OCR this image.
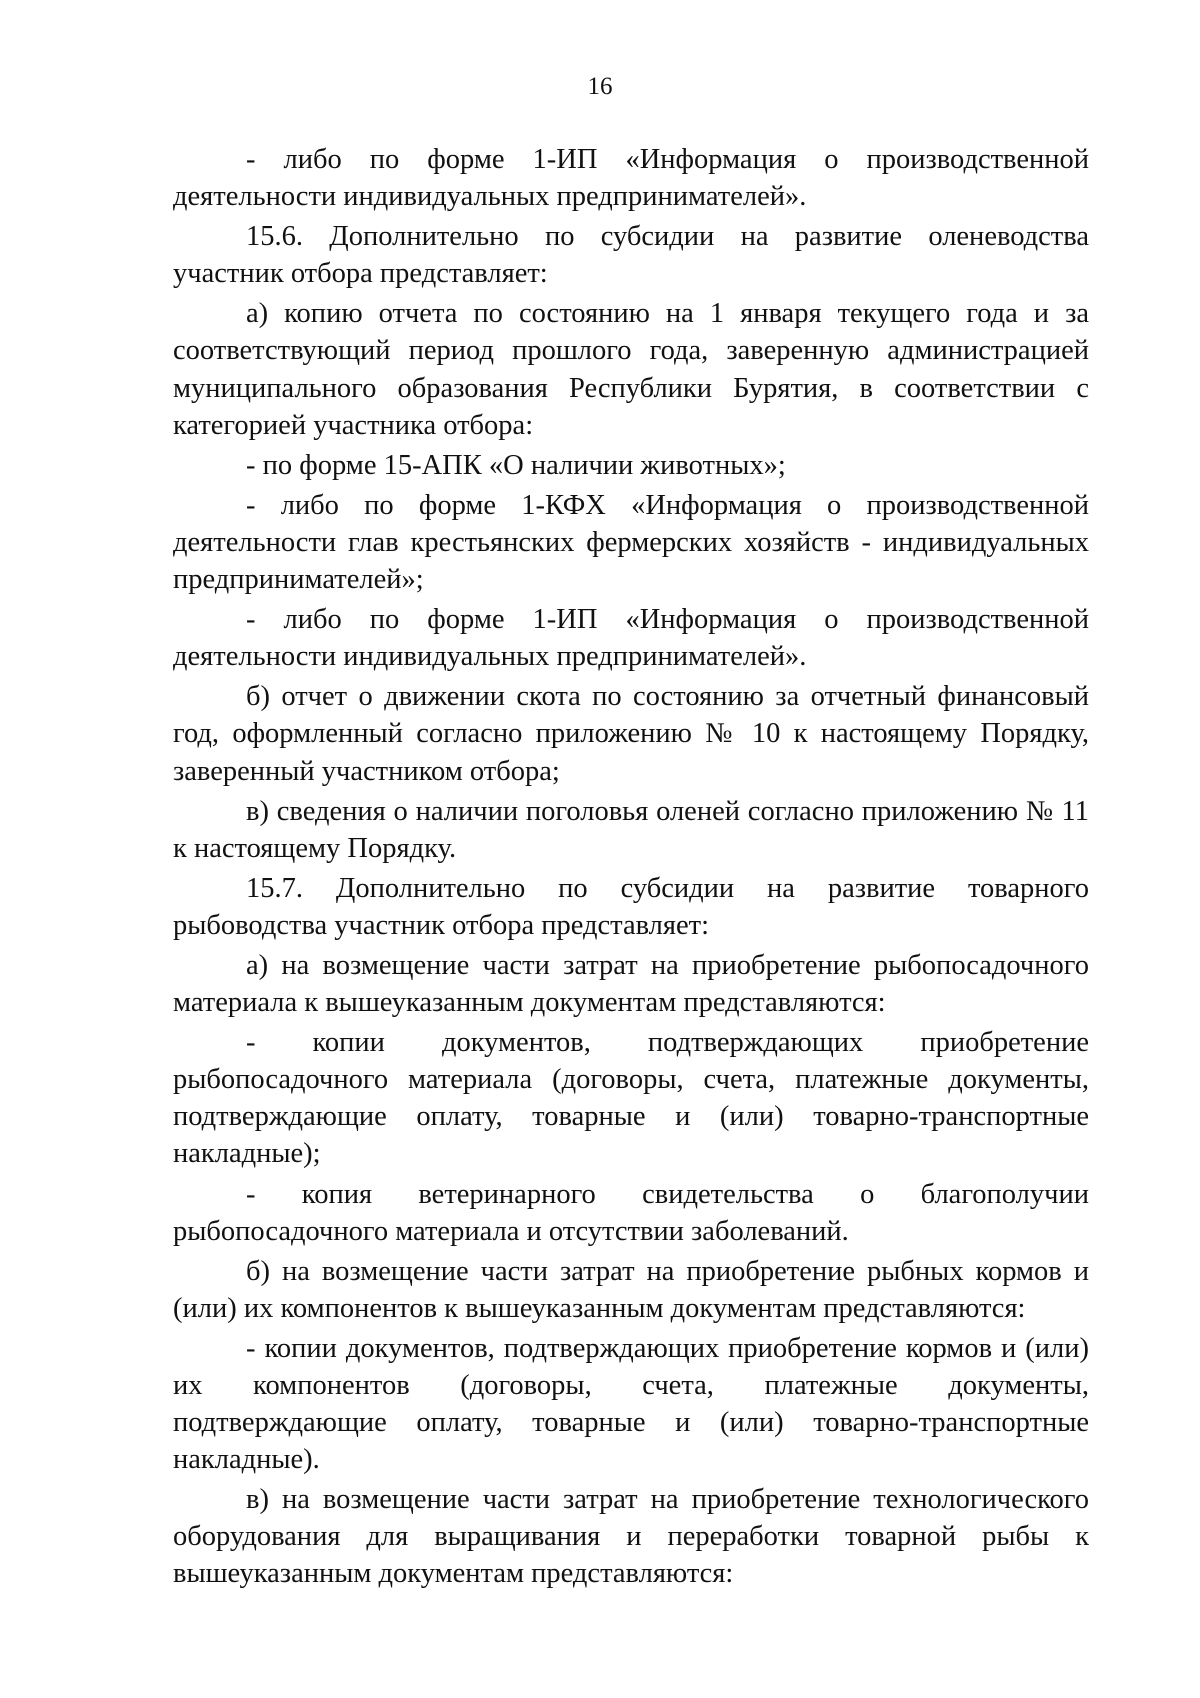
16

- либо по форме 1-ИП «Информация о производственной деятельности индивидуальных предпринимателей».

15.6. Дополнительно по субсидии на развитие оленеводства участник отбора представляет:

а) копию отчета по состоянию на 1 января текущего года и за соответствующий период прошлого года, заверенную администрацией муниципального образования Республики Бурятия, в соответствии с категорией участника отбора:

- по форме 15-АПК «О наличии животных»;

- либо по форме 1-КФХ «Информация о производственной деятельности глав крестьянских фермерских хозяйств - индивидуальных предпринимателей»;

- либо по форме 1-ИП «Информация о производственной деятельности индивидуальных предпринимателей».

б) отчет о движении скота по состоянию за отчетный финансовый год, оформленный согласно приложению № 10 к настоящему Порядку, заверенный участником отбора;

в) сведения о наличии поголовья оленей согласно приложению № 11 к настоящему Порядку.

15.7. Дополнительно по субсидии на развитие товарного рыбоводства участник отбора представляет:

а) на возмещение части затрат на приобретение рыбопосадочного материала к вышеуказанным документам представляются:

- копии документов, подтверждающих приобретение рыбопосадочного материала (договоры, счета, платежные документы, подтверждающие оплату, товарные и (или) товарно-транспортные накладные);

- копия ветеринарного свидетельства о благополучии рыбопосадочного материала и отсутствии заболеваний.

б) на возмещение части затрат на приобретение рыбных кормов и (или) их компонентов к вышеуказанным документам представляются:

- копии документов, подтверждающих приобретение кормов и (или) их компонентов (договоры, счета, платежные документы, подтверждающие оплату, товарные и (или) товарно-транспортные накладные).

в) на возмещение части затрат на приобретение технологического оборудования для выращивания и переработки товарной рыбы к вышеуказанным документам представляются:
